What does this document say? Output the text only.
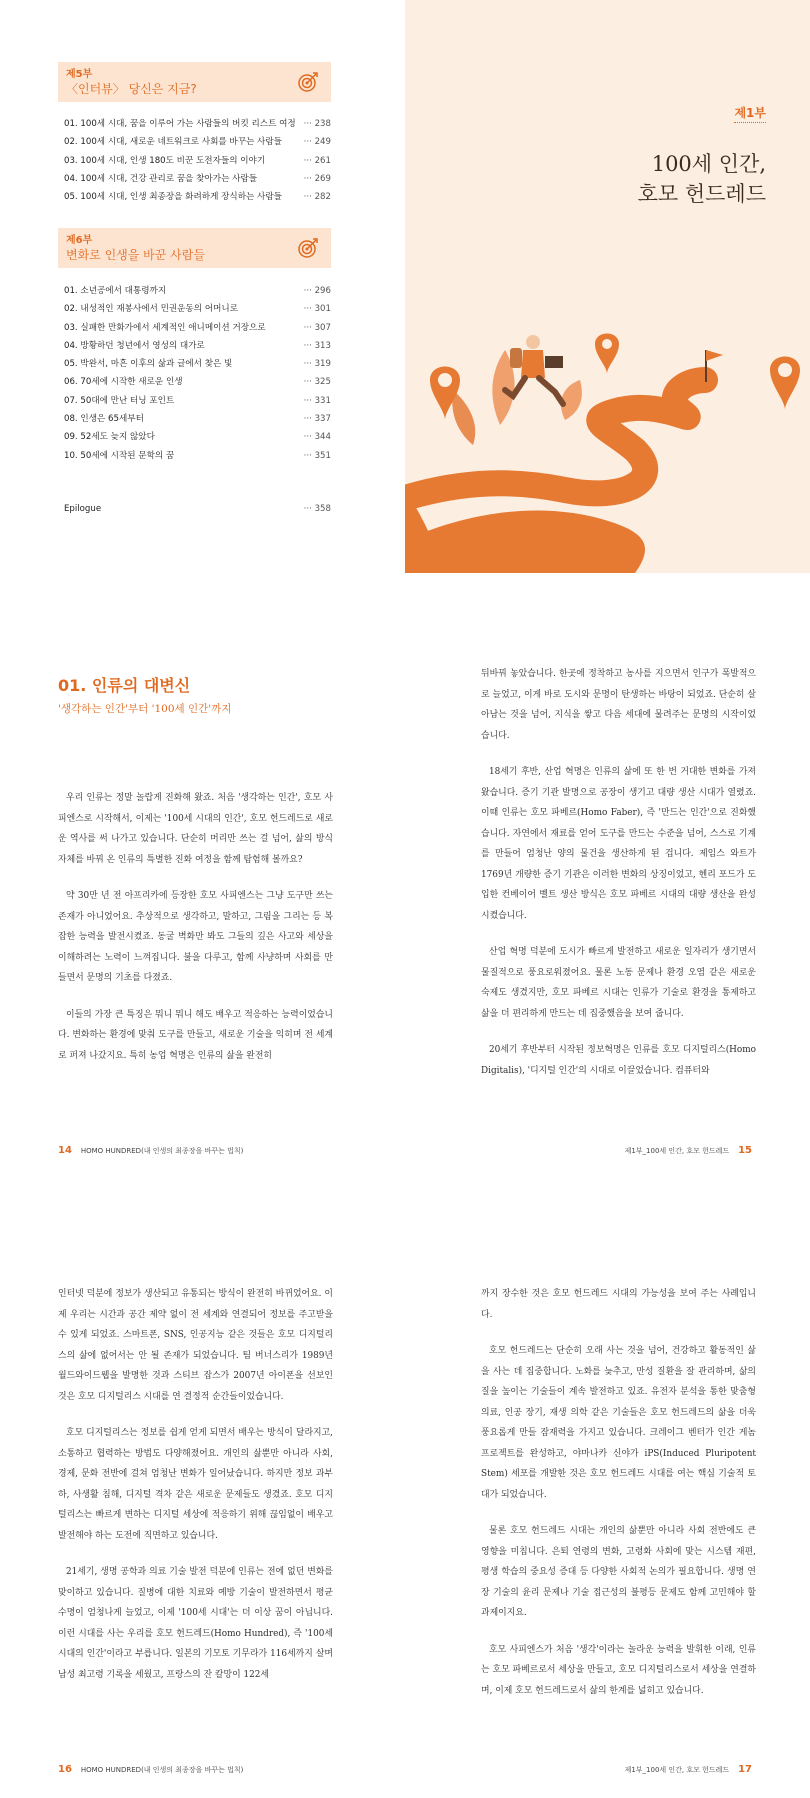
제5부
〈인터뷰〉 당신은 지금?
01. 100세 시대, 꿈을 이루어 가는 사람들의 버킷 리스트 여정 ··· 238
02. 100세 시대, 새로운 네트워크로 사회를 바꾸는 사람들	··· 249
03. 100세 시대, 인생 180도 비꾼 도전자들의 이야기	··· 261
04. 100세 시대, 건강 관리로 꿈을 찾아가는 사람들	··· 269
05. 100세 시대, 인생 최종장을 화려하게 장식하는 사람들	··· 282
제6부
변화로 인생을 바꾼 사람들
01. 소년공에서 대통령까지	··· 296
02. 내성적인 재봉사에서 민권운동의 어머니로	··· 301
03. 실패한 만화가에서 세계적인 애니메이션 거장으로	··· 307
04. 방황하던 청년에서 영성의 대가로	··· 313
05. 박완서, 마흔 이후의 삶과 글에서 찾은 빛	··· 319
06. 70세에 시작한 새로운 인생	··· 325
07. 50대에 만난 터닝 포인트	··· 331
08. 인생은 65세부터	··· 337
09. 52세도 늦지 않았다	··· 344
10. 50세에 시작된 문학의 꿈	··· 351
Epilogue	··· 358
제1부
100세 인간,
호모 헌드레드
01. 인류의 대변신
'생각하는 인간'부터 '100세 인간'까지

우리 인류는 정말 놀랍게 진화해 왔죠. 처음 '생각하는 인간', 호모 사피엔스로 시작해서, 이제는 '100세 시대의 인간', 호모 헌드레드로 새로운 역사를 써 나가고 있습니다. 단순히 머리만 쓰는 걸 넘어, 삶의 방식 자체를 바꿔 온 인류의 특별한 진화 여정을 함께 탐험해 볼까요?

약 30만 년 전 아프리카에 등장한 호모 사피엔스는 그냥 도구만 쓰는 존재가 아니었어요. 추상적으로 생각하고, 말하고, 그림을 그리는 등 복잡한 능력을 발전시켰죠. 동굴 벽화만 봐도 그들의 깊은 사고와 세상을 이해하려는 노력이 느껴집니다. 불을 다루고, 함께 사냥하며 사회를 만들면서 문명의 기초를 다졌죠.

이들의 가장 큰 특징은 뭐니 뭐니 해도 배우고 적응하는 능력이었습니다. 변화하는 환경에 맞춰 도구를 만들고, 새로운 기술을 익히며 전 세계로 퍼져 나갔지요. 특히 농업 혁명은 인류의 삶을 완전히

14 HOMO HUNDRED(내 인생의 최종장을 바꾸는 법칙)

뒤바꿔 놓았습니다. 한곳에 정착하고 농사를 지으면서 인구가 폭발적으로 늘었고, 이게 바로 도시와 문명이 탄생하는 바탕이 되었죠. 단순히 살아남는 것을 넘어, 지식을 쌓고 다음 세대에 물려주는 문명의 시작이었습니다.

18세기 후반, 산업 혁명은 인류의 삶에 또 한 번 거대한 변화를 가져왔습니다. 증기 기관 발명으로 공장이 생기고 대량 생산 시대가 열렸죠. 이때 인류는 호모 파베르(Homo Faber), 즉 '만드는 인간'으로 진화했습니다. 자연에서 재료를 얻어 도구를 만드는 수준을 넘어, 스스로 기계를 만들어 엄청난 양의 물건을 생산하게 된 겁니다. 제임스 와트가 1769년 개량한 증기 기관은 이러한 변화의 상징이었고, 헨리 포드가 도입한 컨베이어 벨트 생산 방식은 호모 파베르 시대의 대량 생산을 완성시켰습니다.

산업 혁명 덕분에 도시가 빠르게 발전하고 새로운 일자리가 생기면서 물질적으로 풍요로워졌어요. 물론 노동 문제나 환경 오염 같은 새로운 숙제도 생겼지만, 호모 파베르 시대는 인류가 기술로 환경을 통제하고 삶을 더 편리하게 만드는 데 집중했음을 보여 줍니다.

20세기 후반부터 시작된 정보혁명은 인류를 호모 디지털리스(Homo Digitalis), '디지털 인간'의 시대로 이끌었습니다. 컴퓨터와

제1부_100세 인간, 호모 헌드레드 15

인터넷 덕분에 정보가 생산되고 유통되는 방식이 완전히 바뀌었어요. 이제 우리는 시간과 공간 제약 없이 전 세계와 연결되어 정보를 주고받을 수 있게 되었죠. 스마트폰, SNS, 인공지능 같은 것들은 호모 디지털리스의 삶에 없어서는 안 될 존재가 되었습니다. 팀 버너스리가 1989년 월드와이드웹을 발명한 것과 스티브 잡스가 2007년 아이폰을 선보인 것은 호모 디지털리스 시대를 연 결정적 순간들이었습니다.

호모 디지털리스는 정보를 쉽게 얻게 되면서 배우는 방식이 달라지고, 소통하고 협력하는 방법도 다양해졌어요. 개인의 삶뿐만 아니라 사회, 경제, 문화 전반에 걸쳐 엄청난 변화가 일어났습니다. 하지만 정보 과부하, 사생활 침해, 디지털 격차 같은 새로운 문제들도 생겼죠. 호모 디지털리스는 빠르게 변하는 디지털 세상에 적응하기 위해 끊임없이 배우고 발전해야 하는 도전에 직면하고 있습니다.

21세기, 생명 공학과 의료 기술 발전 덕분에 인류는 전에 없던 변화를 맞이하고 있습니다. 질병에 대한 치료와 예방 기술이 발전하면서 평균 수명이 엄청나게 늘었고, 이제 '100세 시대'는 더 이상 꿈이 아닙니다. 이런 시대를 사는 우리를 호모 헌드레드(Homo Hundred), 즉 '100세 시대의 인간'이라고 부릅니다. 일본의 기모토 기무라가 116세까지 살며 남성 최고령 기록을 세웠고, 프랑스의 잔 칼망이 122세

16 HOMO HUNDRED(내 인생의 최종장을 바꾸는 법칙)

까지 장수한 것은 호모 헌드레드 시대의 가능성을 보여 주는 사례입니다.

호모 헌드레드는 단순히 오래 사는 것을 넘어, 건강하고 활동적인 삶을 사는 데 집중합니다. 노화를 늦추고, 만성 질환을 잘 관리하며, 삶의 질을 높이는 기술들이 계속 발전하고 있죠. 유전자 분석을 통한 맞춤형 의료, 인공 장기, 재생 의학 같은 기술들은 호모 헌드레드의 삶을 더욱 풍요롭게 만들 잠재력을 가지고 있습니다. 크레이그 벤터가 인간 게놈 프로젝트를 완성하고, 야마나카 신야가 iPS(Induced Pluripotent Stem) 세포를 개발한 것은 호모 헌드레드 시대를 여는 핵심 기술적 토대가 되었습니다.

물론 호모 헌드레드 시대는 개인의 삶뿐만 아니라 사회 전반에도 큰 영향을 미칩니다. 은퇴 연령의 변화, 고령화 사회에 맞는 시스템 재편, 평생 학습의 중요성 증대 등 다양한 사회적 논의가 필요합니다. 생명 연장 기술의 윤리 문제나 기술 접근성의 불평등 문제도 함께 고민해야 할 과제이지요.

호모 사피엔스가 처음 '생각'이라는 놀라운 능력을 발휘한 이래, 인류는 호모 파베르로서 세상을 만들고, 호모 디지털리스로서 세상을 연결하며, 이제 호모 헌드레드로서 삶의 한계를 넓히고 있습니다.

제1부_100세 인간, 호모 헌드레드 17
